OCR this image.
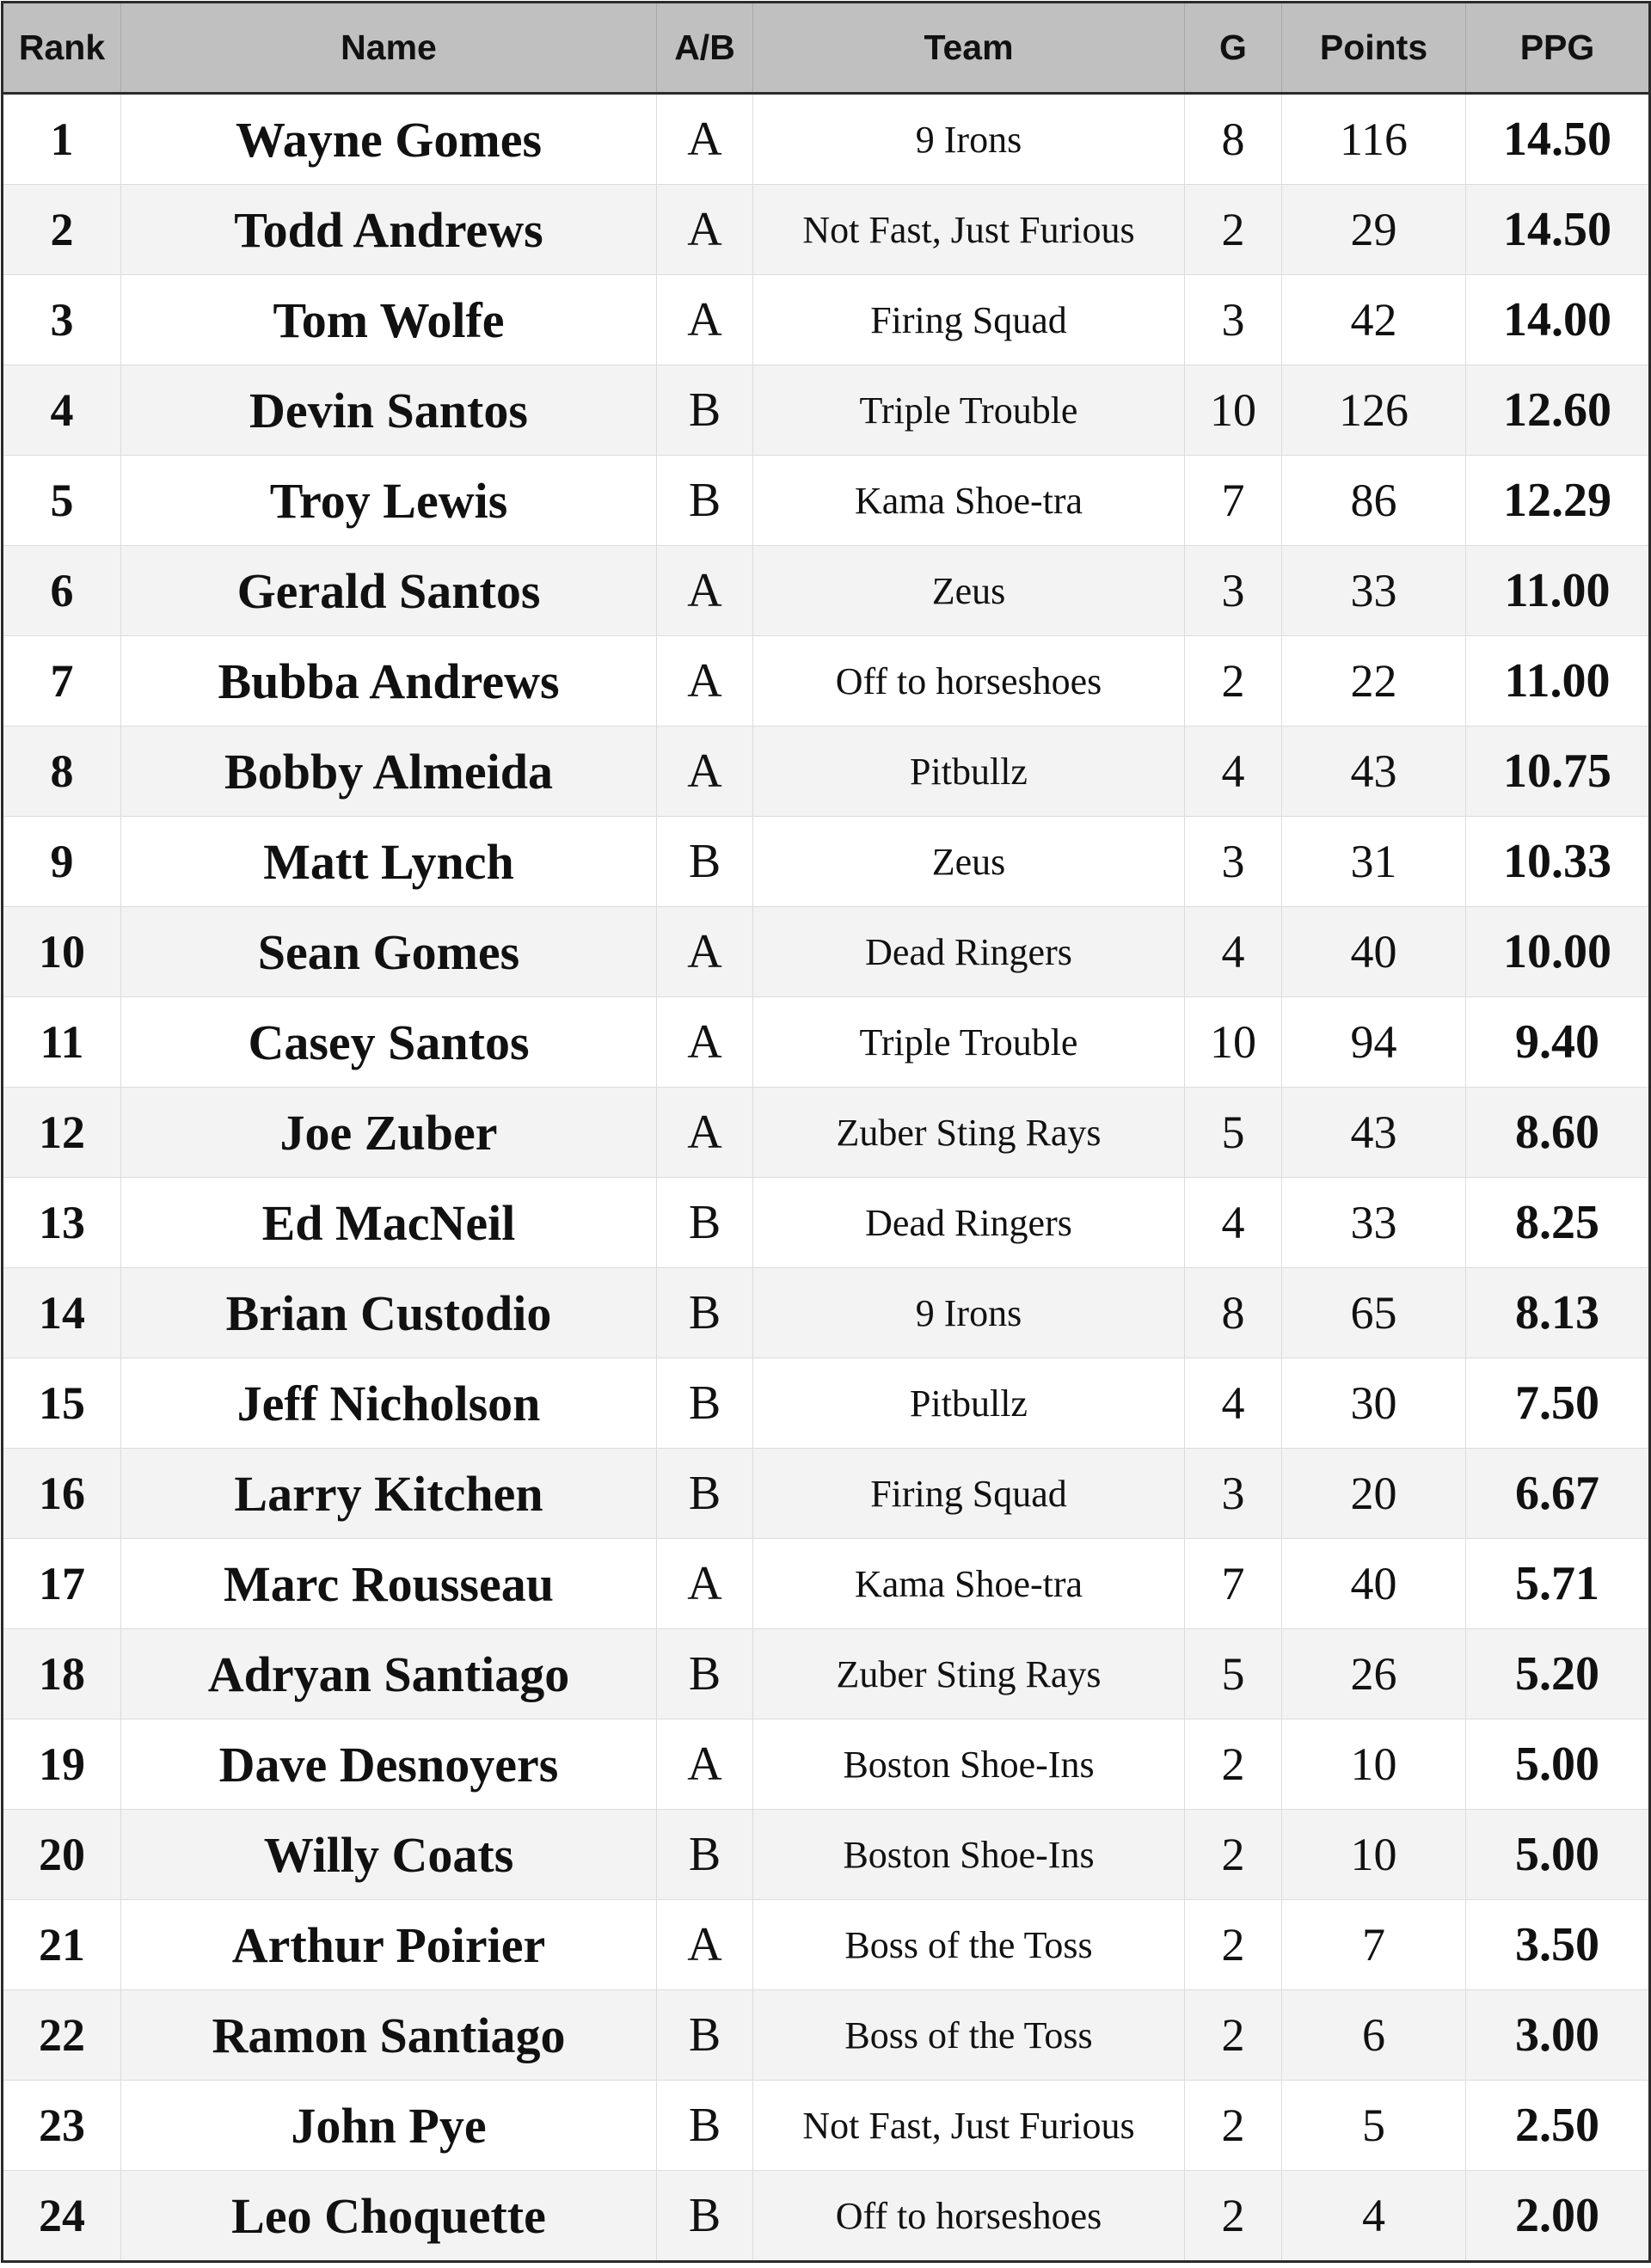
Rank	Name	A/B	Team	G	Points	PPG
1	Wayne Gomes	A	9 Irons	8	116	14.50
2	Todd Andrews	A	Not Fast, Just Furious	2	29	14.50
3	Tom Wolfe	A	Firing Squad	3	42	14.00
4	Devin Santos	B	Triple Trouble	10	126	12.60
5	Troy Lewis	B	Kama Shoe-tra	7	86	12.29
6	Gerald Santos	A	Zeus	3	33	11.00
7	Bubba Andrews	A	Off to horseshoes	2	22	11.00
8	Bobby Almeida	A	Pitbullz	4	43	10.75
9	Matt Lynch	B	Zeus	3	31	10.33
10	Sean Gomes	A	Dead Ringers	4	40	10.00
11	Casey Santos	A	Triple Trouble	10	94	9.40
12	Joe Zuber	A	Zuber Sting Rays	5	43	8.60
13	Ed MacNeil	B	Dead Ringers	4	33	8.25
14	Brian Custodio	B	9 Irons	8	65	8.13
15	Jeff Nicholson	B	Pitbullz	4	30	7.50
16	Larry Kitchen	B	Firing Squad	3	20	6.67
17	Marc Rousseau	A	Kama Shoe-tra	7	40	5.71
18	Adryan Santiago	B	Zuber Sting Rays	5	26	5.20
19	Dave Desnoyers	A	Boston Shoe-Ins	2	10	5.00
20	Willy Coats	B	Boston Shoe-Ins	2	10	5.00
21	Arthur Poirier	A	Boss of the Toss	2	7	3.50
22	Ramon Santiago	B	Boss of the Toss	2	6	3.00
23	John Pye	B	Not Fast, Just Furious	2	5	2.50
24	Leo Choquette	B	Off to horseshoes	2	4	2.00
